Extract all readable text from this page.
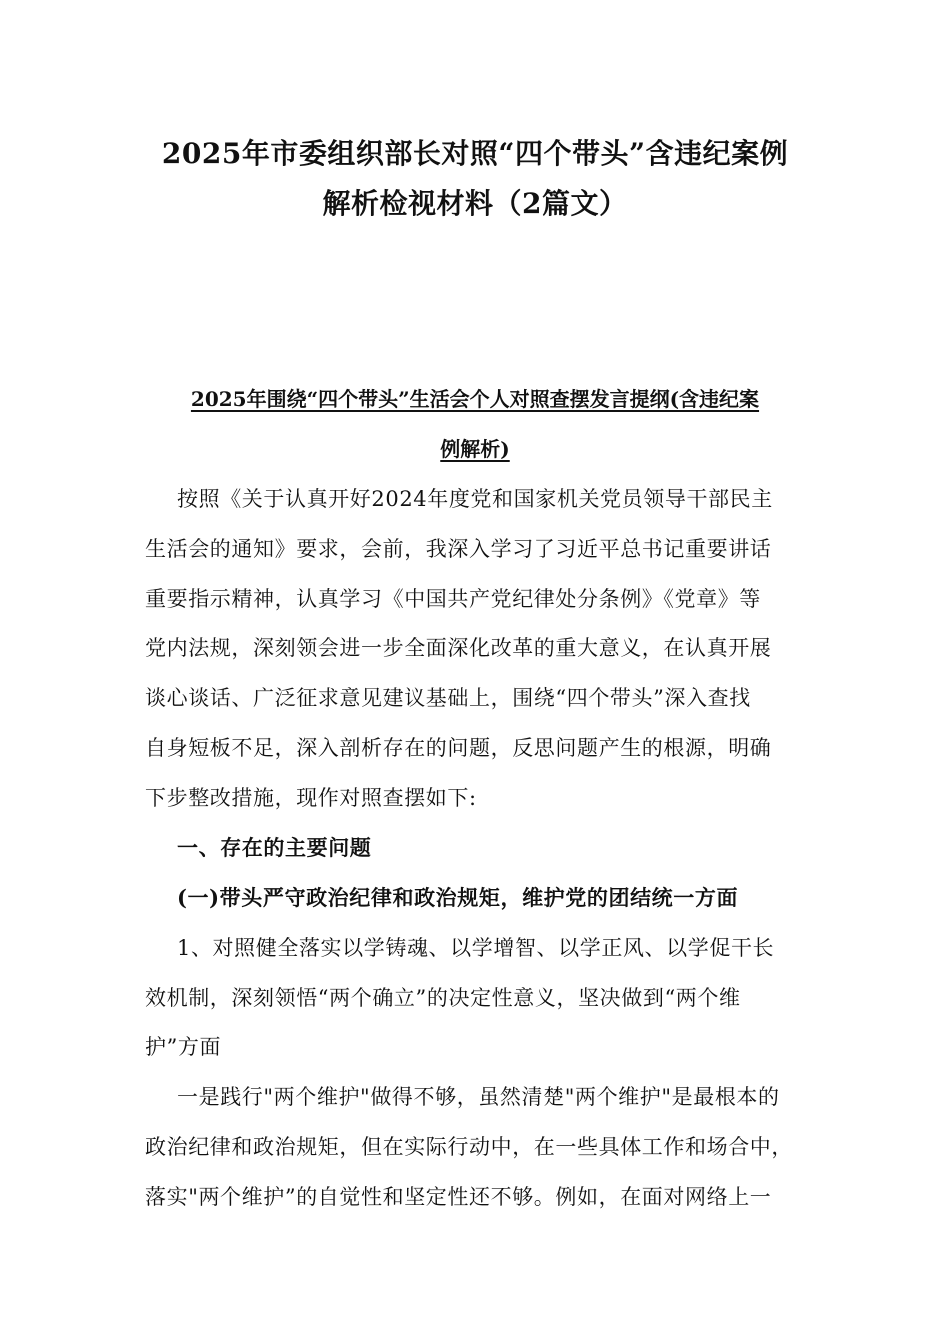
2025年市委组织部长对照“四个带头”含违纪案例
解析检视材料（2篇文）
2025年围绕“四个带头”生活会个人对照查摆发言提纲(含违纪案
例解析)
按照《关于认真开好2024年度党和国家机关党员领导干部民主
生活会的通知》要求，会前，我深入学习了习近平总书记重要讲话
重要指示精神，认真学习《中国共产党纪律处分条例》《党章》等
党内法规，深刻领会进一步全面深化改革的重大意义，在认真开展
谈心谈话、广泛征求意见建议基础上，围绕“四个带头”深入查找
自身短板不足，深入剖析存在的问题，反思问题产生的根源，明确
下步整改措施，现作对照查摆如下:
一、存在的主要问题
(一)带头严守政治纪律和政治规矩，维护党的团结统一方面
1、对照健全落实以学铸魂、以学增智、以学正风、以学促干长
效机制，深刻领悟“两个确立”的决定性意义，坚决做到“两个维
护”方面
一是践行"两个维护"做得不够，虽然清楚"两个维护"是最根本的
政治纪律和政治规矩，但在实际行动中，在一些具体工作和场合中，
落实"两个维护”的自觉性和坚定性还不够。例如，在面对网络上一
